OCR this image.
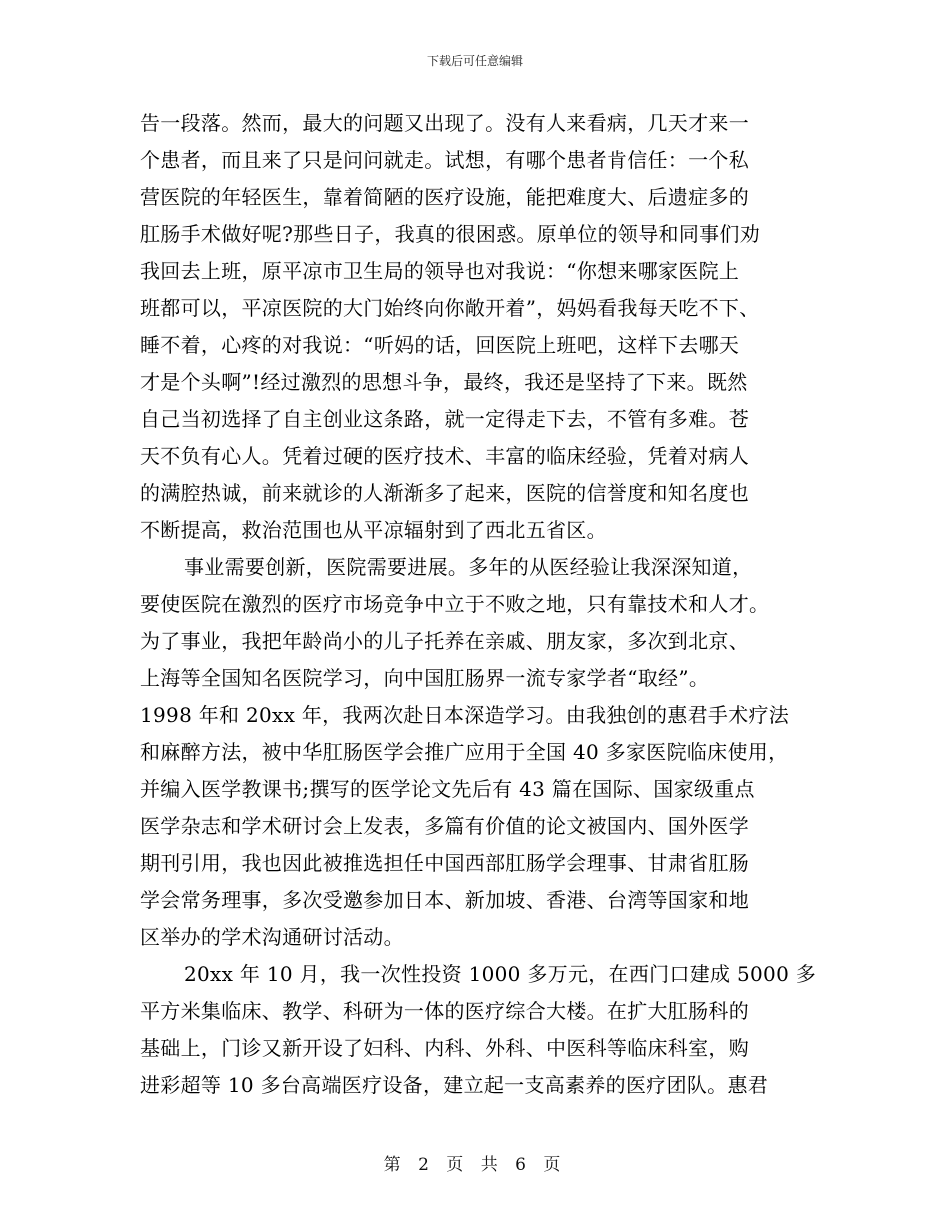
下载后可任意编辑
告一段落。然而，最大的问题又出现了。没有人来看病，几天才来一
个患者，而且来了只是问问就走。试想，有哪个患者肯信任：一个私
营医院的年轻医生，靠着简陋的医疗设施，能把难度大、后遗症多的
肛肠手术做好呢?那些日子，我真的很困惑。原单位的领导和同事们劝
我回去上班，原平凉市卫生局的领导也对我说：“你想来哪家医院上
班都可以，平凉医院的大门始终向你敞开着”，妈妈看我每天吃不下、
睡不着，心疼的对我说：“听妈的话，回医院上班吧，这样下去哪天
才是个头啊”!经过激烈的思想斗争，最终，我还是坚持了下来。既然
自己当初选择了自主创业这条路，就一定得走下去，不管有多难。苍
天不负有心人。凭着过硬的医疗技术、丰富的临床经验，凭着对病人
的满腔热诚，前来就诊的人渐渐多了起来，医院的信誉度和知名度也
不断提高，救治范围也从平凉辐射到了西北五省区。
事业需要创新，医院需要进展。多年的从医经验让我深深知道，
要使医院在激烈的医疗市场竞争中立于不败之地，只有靠技术和人才。
为了事业，我把年龄尚小的儿子托养在亲戚、朋友家，多次到北京、
上海等全国知名医院学习，向中国肛肠界一流专家学者“取经”。
1998 年和 20xx 年，我两次赴日本深造学习。由我独创的惠君手术疗法
和麻醉方法，被中华肛肠医学会推广应用于全国 40 多家医院临床使用，
并编入医学教课书;撰写的医学论文先后有 43 篇在国际、国家级重点
医学杂志和学术研讨会上发表，多篇有价值的论文被国内、国外医学
期刊引用，我也因此被推选担任中国西部肛肠学会理事、甘肃省肛肠
学会常务理事，多次受邀参加日本、新加坡、香港、台湾等国家和地
区举办的学术沟通研讨活动。
20xx 年 10 月，我一次性投资 1000 多万元，在西门口建成 5000 多
平方米集临床、教学、科研为一体的医疗综合大楼。在扩大肛肠科的
基础上，门诊又新开设了妇科、内科、外科、中医科等临床科室，购
进彩超等 10 多台高端医疗设备，建立起一支高素养的医疗团队。惠君
第 2 页 共 6 页
